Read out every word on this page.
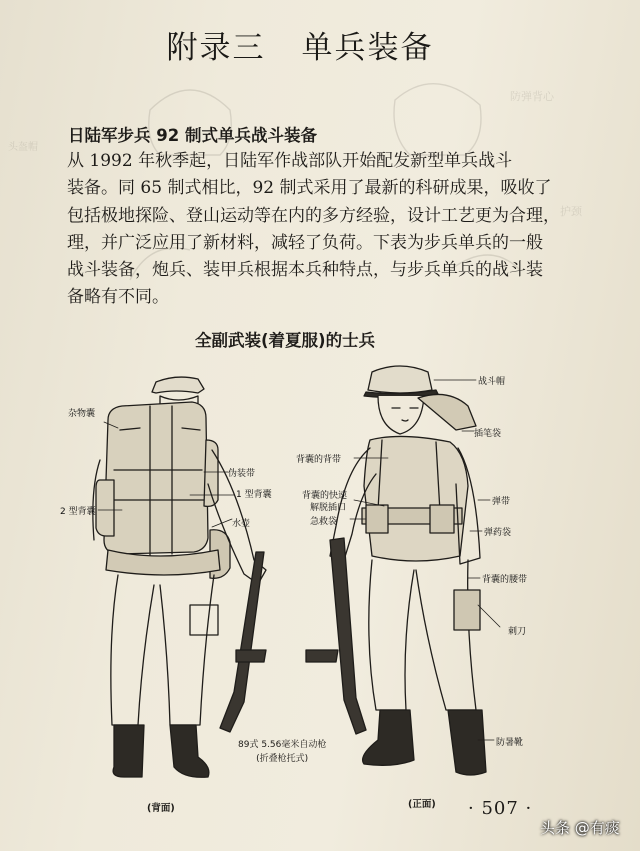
防弹背心
护颈
头盔帽
附录三 单兵装备
日陆军步兵 92 制式单兵战斗装备
从 1992 年秋季起，日陆军作战部队开始配发新型单兵战斗
装备。同 65 制式相比，92 制式采用了最新的科研成果，吸收了
包括极地探险、登山运动等在内的多方经验，设计工艺更为合理，
理，并广泛应用了新材料，减轻了负荷。下表为步兵单兵的一般
战斗装备，炮兵、装甲兵根据本兵种特点，与步兵单兵的战斗装
备略有不同。
全副武装(着夏服)的士兵
杂物囊
伪装带
1 型背囊
2 型背囊
水壶
战斗帽
插笔袋
背囊的背带
背囊的快速
解脱插口
急救袋
弹带
弹药袋
背囊的腰带
刺刀
防暑靴
89式 5.56毫米自动枪
(折叠枪托式)
(背面)	(正面) · 507 ·
头条 @有痰
